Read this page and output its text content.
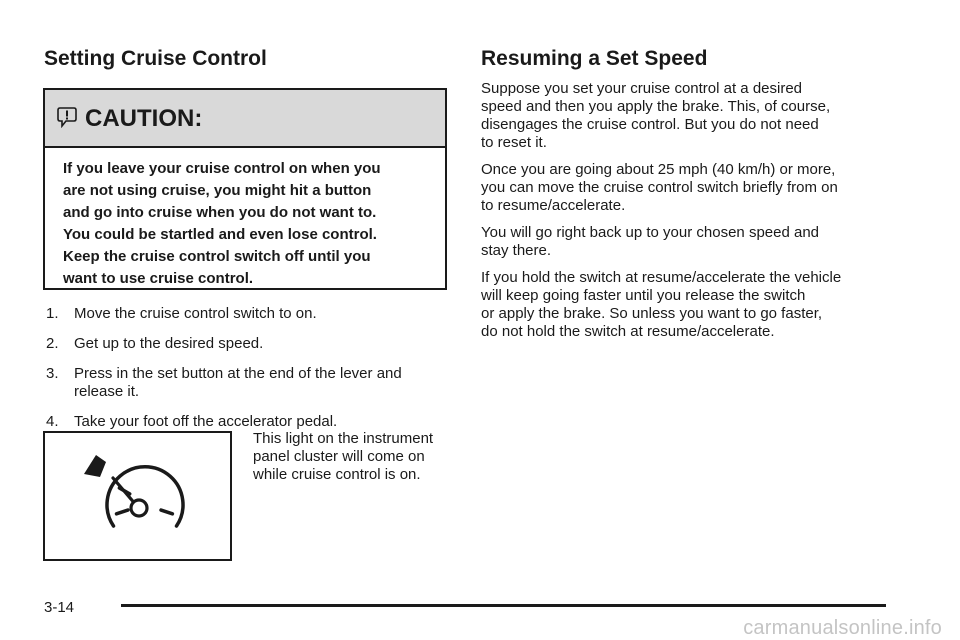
Setting Cruise Control
CAUTION:
If you leave your cruise control on when you
are not using cruise, you might hit a button
and go into cruise when you do not want to.
You could be startled and even lose control.
Keep the cruise control switch off until you
want to use cruise control.
1. Move the cruise control switch to on.
2. Get up to the desired speed.
3. Press in the set button at the end of the lever and release it.
4. Take your foot off the accelerator pedal.

This light on the instrument
panel cluster will come on
while cruise control is on.

Resuming a Set Speed

Suppose you set your cruise control at a desired
speed and then you apply the brake. This, of course,
disengages the cruise control. But you do not need
to reset it.

Once you are going about 25 mph (40 km/h) or more,
you can move the cruise control switch briefly from on
to resume/accelerate.

You will go right back up to your chosen speed and
stay there.

If you hold the switch at resume/accelerate the vehicle
will keep going faster until you release the switch
or apply the brake. So unless you want to go faster,
do not hold the switch at resume/accelerate.

3-14
carmanualsonline.info
